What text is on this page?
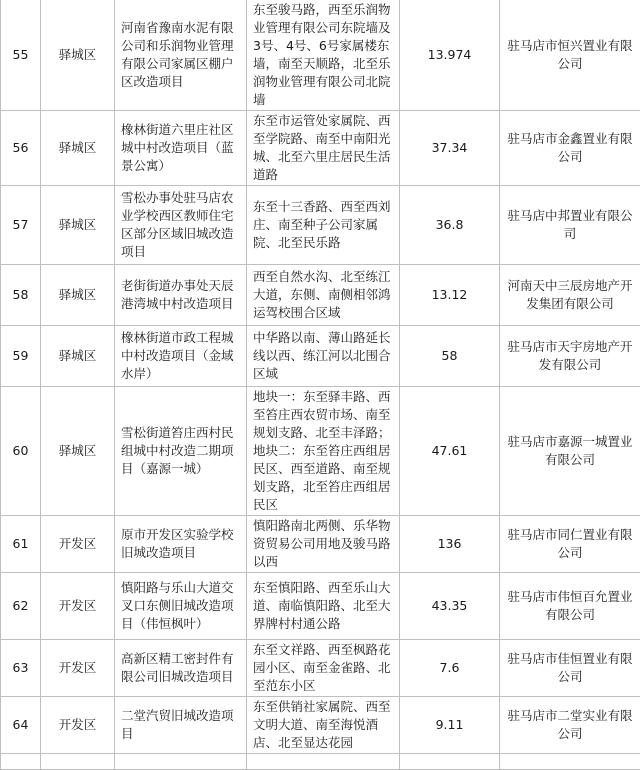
55	驿城区	河南省豫南水泥有限公司和乐润物业管理有限公司家属区棚户区改造项目	东至骏马路，西至乐润物业管理有限公司东院墙及3号、4号、6号家属楼东墙，南至天顺路，北至乐润物业管理有限公司北院墙	13.974	驻马店市恒兴置业有限公司
56	驿城区	橡林街道六里庄社区城中村改造项目（蓝景公寓）	东至市运管处家属院、西至学院路、南至中南阳光城、北至六里庄居民生活道路	37.34	驻马店市金鑫置业有限公司
57	驿城区	雪松办事处驻马店农业学校西区教师住宅区部分区域旧城改造项目	东至十三香路、西至西刘庄、南至种子公司家属院、北至民乐路	36.8	驻马店中邦置业有限公司
58	驿城区	老街街道办事处天辰港湾城中村改造项目	西至自然水沟、北至练江大道，东侧、南侧相邻鸿运驾校围合区域	13.12	河南天中三辰房地产开发集团有限公司
59	驿城区	橡林街道市政工程城中村改造项目（金域水岸）	中华路以南、薄山路延长线以西、练江河以北围合区域	58	驻马店市天宇房地产开发有限公司
60	驿城区	雪松街道笞庄西村民组城中村改造二期项目（嘉源一城）	地块一：东至驿丰路、西至笞庄西农贸市场、南至规划支路、北至丰泽路；地块二：东至笞庄西组居民区、西至道路、南至规划支路，北至笞庄西组居民区	47.61	驻马店市嘉源一城置业有限公司
61	开发区	原市开发区实验学校旧城改造项目	慎阳路南北两侧、乐华物资贸易公司用地及骏马路以西	136	驻马店市同仁置业有限公司
62	开发区	慎阳路与乐山大道交叉口东侧旧城改造项目（伟恒枫叶）	东至慎阳路、西至乐山大道、南临慎阳路、北至大界牌村村通公路	43.35	驻马店市伟恒百允置业有限公司
63	开发区	高新区精工密封件有限公司旧城改造项目	东至文祥路、西至枫路花园小区、南至金雀路、北至范东小区	7.6	驻马店市佳恒置业有限公司
64	开发区	二堂汽贸旧城改造项目	东至供销社家属院、西至文明大道、南至海悦酒店、北至显达花园	9.11	驻马店市二堂实业有限公司
